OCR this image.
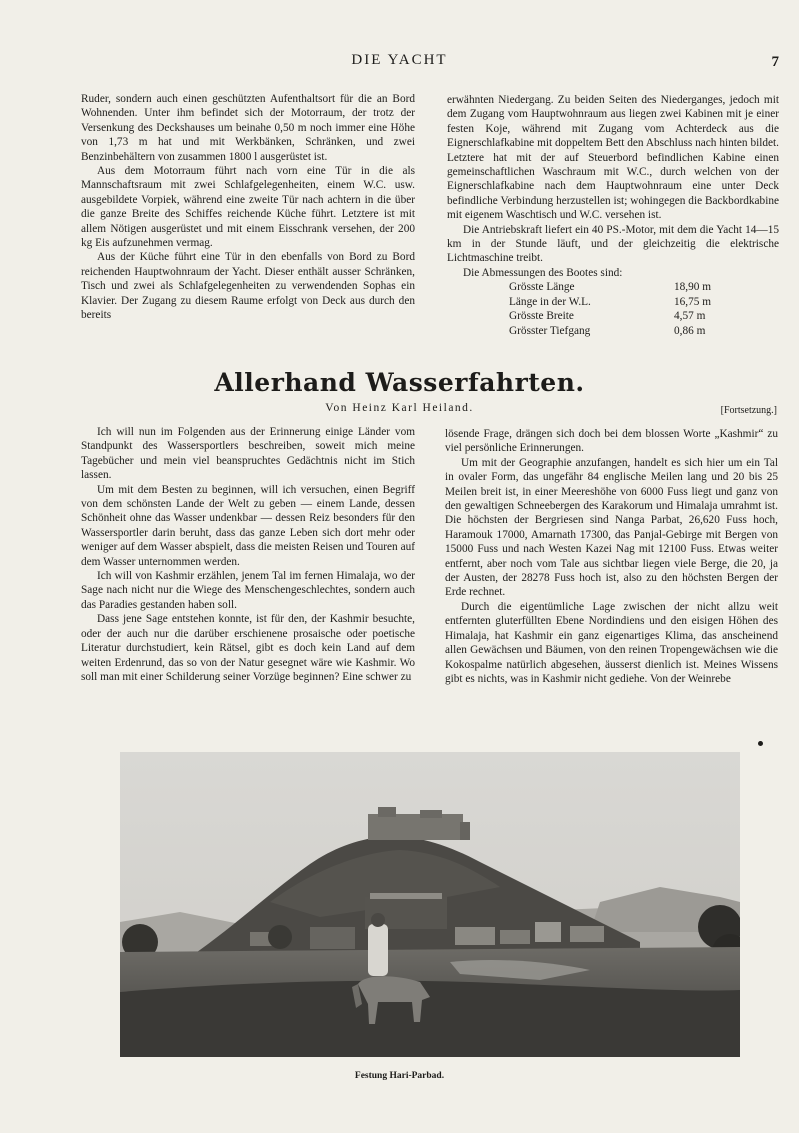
DIE YACHT	7

Ruder, sondern auch einen geschützten Aufenthaltsort für die an Bord Wohnenden. Unter ihm befindet sich der Motorraum, der trotz der Versenkung des Deckshauses um beinahe 0,50 m noch immer eine Höhe von 1,73 m hat und mit Werkbänken, Schränken, und zwei Benzinbehältern von zusammen 1800 l ausgerüstet ist.

Aus dem Motorraum führt nach vorn eine Tür in die als Mannschaftsraum mit zwei Schlafgelegenheiten, einem W.C. usw. ausgebildete Vorpiek, während eine zweite Tür nach achtern in die über die ganze Breite des Schiffes reichende Küche führt. Letztere ist mit allem Nötigen ausgerüstet und mit einem Eisschrank versehen, der 200 kg Eis aufzunehmen vermag.

Aus der Küche führt eine Tür in den ebenfalls von Bord zu Bord reichenden Hauptwohnraum der Yacht. Dieser enthält ausser Schränken, Tisch und zwei als Schlafgelegenheiten zu verwendenden Sophas ein Klavier. Der Zugang zu diesem Raume erfolgt von Deck aus durch den bereits

erwähnten Niedergang. Zu beiden Seiten des Niederganges, jedoch mit dem Zugang vom Hauptwohnraum aus liegen zwei Kabinen mit je einer festen Koje, während mit Zugang vom Achterdeck aus die Eignerschlafkabine mit doppeltem Bett den Abschluss nach hinten bildet. Letztere hat mit der auf Steuerbord befindlichen Kabine einen gemeinschaftlichen Waschraum mit W.C., durch welchen von der Eignerschlafkabine nach dem Hauptwohnraum eine unter Deck befindliche Verbindung herzustellen ist; wohingegen die Backbordkabine mit eigenem Waschtisch und W.C. versehen ist.

Die Antriebskraft liefert ein 40 PS.-Motor, mit dem die Yacht 14—15 km in der Stunde läuft, und der gleichzeitig die elektrische Lichtmaschine treibt.

Die Abmessungen des Bootes sind:

Grösste Länge	18,90 m
Länge in der W.L.	16,75 m
Grösste Breite	4,57 m
Grösster Tiefgang	0,86 m
Allerhand Wasserfahrten.
Von Heinz Karl Heiland.	[Fortsetzung.]

Ich will nun im Folgenden aus der Erinnerung einige Länder vom Standpunkt des Wassersportlers beschreiben, soweit mich meine Tagebücher und mein viel beanspruchtes Gedächtnis nicht im Stich lassen.

Um mit dem Besten zu beginnen, will ich versuchen, einen Begriff von dem schönsten Lande der Welt zu geben — einem Lande, dessen Schönheit ohne das Wasser undenkbar — dessen Reiz besonders für den Wassersportler darin beruht, dass das ganze Leben sich dort mehr oder weniger auf dem Wasser abspielt, dass die meisten Reisen und Touren auf dem Wasser unternommen werden.

Ich will von Kashmir erzählen, jenem Tal im fernen Himalaja, wo der Sage nach nicht nur die Wiege des Menschengeschlechtes, sondern auch das Paradies gestanden haben soll.

Dass jene Sage entstehen konnte, ist für den, der Kashmir besuchte, oder der auch nur die darüber erschienene prosaische oder poetische Literatur durchstudiert, kein Rätsel, gibt es doch kein Land auf dem weiten Erdenrund, das so von der Natur gesegnet wäre wie Kashmir. Wo soll man mit einer Schilderung seiner Vorzüge beginnen? Eine schwer zu

lösende Frage, drängen sich doch bei dem blossen Worte „Kashmir“ zu viel persönliche Erinnerungen.

Um mit der Geographie anzufangen, handelt es sich hier um ein Tal in ovaler Form, das ungefähr 84 englische Meilen lang und 20 bis 25 Meilen breit ist, in einer Meereshöhe von 6000 Fuss liegt und ganz von den gewaltigen Schneebergen des Karakorum und Himalaja umrahmt ist. Die höchsten der Bergriesen sind Nanga Parbat, 26,620 Fuss hoch, Haramouk 17000, Amarnath 17300, das Panjal-Gebirge mit Bergen von 15000 Fuss und nach Westen Kazei Nag mit 12100 Fuss. Etwas weiter entfernt, aber noch vom Tale aus sichtbar liegen viele Berge, die 20, ja der Austen, der 28278 Fuss hoch ist, also zu den höchsten Bergen der Erde rechnet.

Durch die eigentümliche Lage zwischen der nicht allzu weit entfernten gluterfüllten Ebene Nordindiens und den eisigen Höhen des Himalaja, hat Kashmir ein ganz eigenartiges Klima, das anscheinend allen Gewächsen und Bäumen, von den reinen Tropengewächsen wie die Kokospalme natürlich abgesehen, äusserst dienlich ist. Meines Wissens gibt es nichts, was in Kashmir nicht gediehe. Von der Weinrebe

Festung Hari-Parbad.
